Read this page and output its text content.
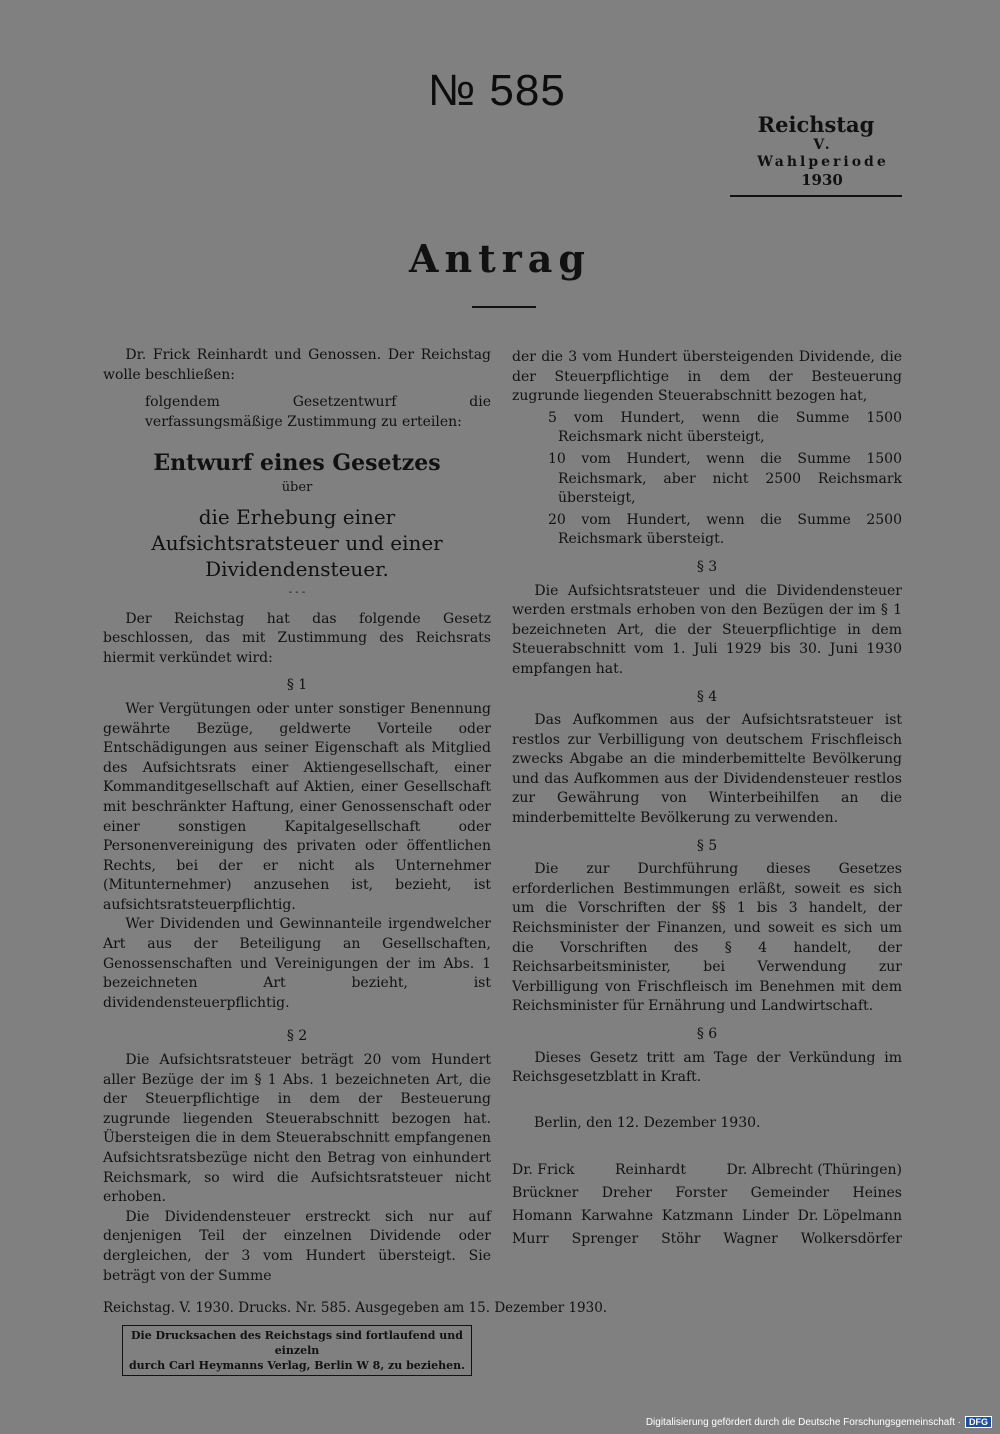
№ 585
Reichstag
V. Wahlperiode
1930
Antrag

Dr. Frick Reinhardt und Genossen. Der Reichstag wolle beschließen:

folgendem Gesetzentwurf die verfassungsmäßige Zustimmung zu erteilen:

Entwurf eines Gesetzes
über
die Erhebung einer Aufsichtsratsteuer und einer Dividendensteuer.
- - -

Der Reichstag hat das folgende Gesetz beschlossen, das mit Zustimmung des Reichsrats hiermit verkündet wird:

§ 1

Wer Vergütungen oder unter sonstiger Benennung gewährte Bezüge, geldwerte Vorteile oder Entschädigungen aus seiner Eigenschaft als Mitglied des Aufsichtsrats einer Aktiengesellschaft, einer Kommanditgesellschaft auf Aktien, einer Gesellschaft mit beschränkter Haftung, einer Genossenschaft oder einer sonstigen Kapitalgesellschaft oder Personenvereinigung des privaten oder öffentlichen Rechts, bei der er nicht als Unternehmer (Mitunternehmer) anzusehen ist, bezieht, ist aufsichtsratsteuerpflichtig.

Wer Dividenden und Gewinnanteile irgendwelcher Art aus der Beteiligung an Gesellschaften, Genossenschaften und Vereinigungen der im Abs. 1 bezeichneten Art bezieht, ist dividendensteuerpflichtig.

§ 2

Die Aufsichtsratsteuer beträgt 20 vom Hundert aller Bezüge der im § 1 Abs. 1 bezeichneten Art, die der Steuerpflichtige in dem der Besteuerung zugrunde liegenden Steuerabschnitt bezogen hat. Übersteigen die in dem Steuerabschnitt empfangenen Aufsichtsratsbezüge nicht den Betrag von einhundert Reichsmark, so wird die Aufsichtsratsteuer nicht erhoben.

Die Dividendensteuer erstreckt sich nur auf denjenigen Teil der einzelnen Dividende oder dergleichen, der 3 vom Hundert übersteigt. Sie beträgt von der Summe

der die 3 vom Hundert übersteigenden Dividende, die der Steuerpflichtige in dem der Besteuerung zugrunde liegenden Steuerabschnitt bezogen hat,

5 vom Hundert, wenn die Summe 1500 Reichsmark nicht übersteigt,

10 vom Hundert, wenn die Summe 1500 Reichsmark, aber nicht 2500 Reichsmark übersteigt,

20 vom Hundert, wenn die Summe 2500 Reichsmark übersteigt.

§ 3

Die Aufsichtsratsteuer und die Dividendensteuer werden erstmals erhoben von den Bezügen der im § 1 bezeichneten Art, die der Steuerpflichtige in dem Steuerabschnitt vom 1. Juli 1929 bis 30. Juni 1930 empfangen hat.

§ 4

Das Aufkommen aus der Aufsichtsratsteuer ist restlos zur Verbilligung von deutschem Frischfleisch zwecks Abgabe an die minderbemittelte Bevölkerung und das Aufkommen aus der Dividendensteuer restlos zur Gewährung von Winterbeihilfen an die minderbemittelte Bevölkerung zu verwenden.

§ 5

Die zur Durchführung dieses Gesetzes erforderlichen Bestimmungen erläßt, soweit es sich um die Vorschriften der §§ 1 bis 3 handelt, der Reichsminister der Finanzen, und soweit es sich um die Vorschriften des § 4 handelt, der Reichsarbeitsminister, bei Verwendung zur Verbilligung von Frischfleisch im Benehmen mit dem Reichsminister für Ernährung und Landwirtschaft.

§ 6

Dieses Gesetz tritt am Tage der Verkündung im Reichsgesetzblatt in Kraft.

Berlin, den 12. Dezember 1930.
Dr. Frick	Reinhardt	Dr. Albrecht (Thüringen)
Brückner Dreher Forster Gemeinder Heines
Homann Karwahne Katzmann Linder Dr. Löpelmann
Murr Sprenger Stöhr Wagner Wolkersdörfer
Reichstag. V. 1930. Drucks. Nr. 585. Ausgegeben am 15. Dezember 1930.
Die Drucksachen des Reichstags sind fortlaufend und einzeln
durch Carl Heymanns Verlag, Berlin W 8, zu beziehen.
Digitalisierung gefördert durch die Deutsche Forschungsgemeinschaft · DFG
